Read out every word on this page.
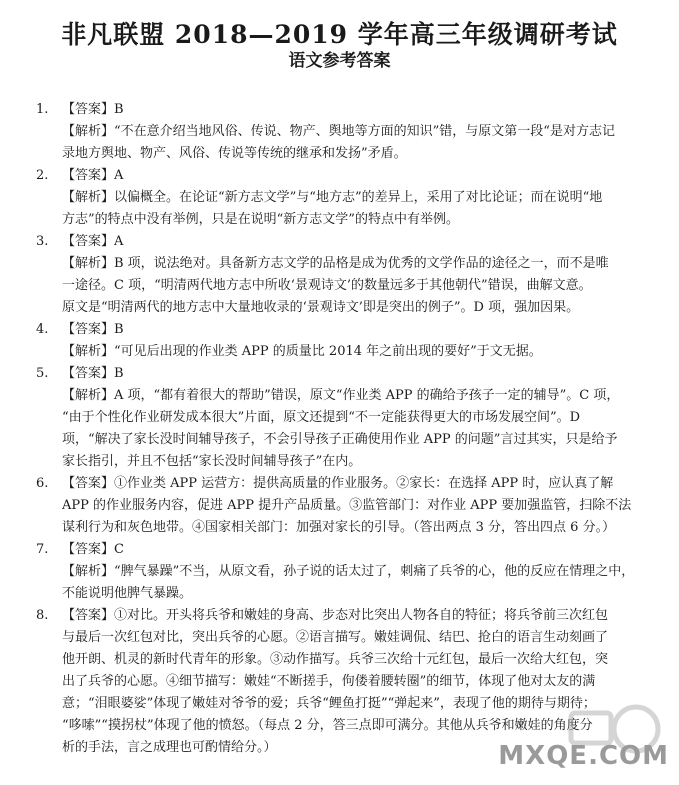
非凡联盟 2018—2019 学年高三年级调研考试
语文参考答案
1.	【答案】B
【解析】“不在意介绍当地风俗、传说、物产、舆地等方面的知识”错，与原文第一段“是对方志记
录地方舆地、物产、风俗、传说等传统的继承和发扬”矛盾。
2.	【答案】A
【解析】以偏概全。在论证“新方志文学”与“地方志”的差异上，采用了对比论证；而在说明“地
方志”的特点中没有举例，只是在说明“新方志文学”的特点中有举例。
3.	【答案】A
【解析】B 项，说法绝对。具备新方志文学的品格是成为优秀的文学作品的途径之一，而不是唯
一途径。C 项，“明清两代地方志中所收‘景观诗文’的数量远多于其他朝代”错误，曲解文意。
原文是“明清两代的地方志中大量地收录的‘景观诗文’即是突出的例子”。D 项，强加因果。
4.	【答案】B
【解析】“可见后出现的作业类 APP 的质量比 2014 年之前出现的要好”于文无据。
5.	【答案】B
【解析】A 项，“都有着很大的帮助”错误，原文“作业类 APP 的确给予孩子一定的辅导”。C 项，
“由于个性化作业研发成本很大”片面，原文还提到“不一定能获得更大的市场发展空间”。D
项，“解决了家长没时间辅导孩子，不会引导孩子正确使用作业 APP 的问题”言过其实，只是给予
家长指引，并且不包括“家长没时间辅导孩子”在内。
6.	【答案】①作业类 APP 运营方：提供高质量的作业服务。②家长：在选择 APP 时，应认真了解
APP 的作业服务内容，促进 APP 提升产品质量。③监管部门：对作业 APP 要加强监管，扫除不法
谋利行为和灰色地带。④国家相关部门：加强对家长的引导。（答出两点 3 分，答出四点 6 分。）
7.	【答案】C
【解析】“脾气暴躁”不当，从原文看，孙子说的话太过了，刺痛了兵爷的心，他的反应在情理之中，
不能说明他脾气暴躁。
8.	【答案】①对比。开头将兵爷和嫩娃的身高、步态对比突出人物各自的特征；将兵爷前三次红包
与最后一次红包对比，突出兵爷的心愿。②语言描写。嫩娃调侃、结巴、抢白的语言生动刻画了
他开朗、机灵的新时代青年的形象。③动作描写。兵爷三次给十元红包，最后一次给大红包，突
出了兵爷的心愿。④细节描写：嫩娃“不断搓手，佝偻着腰转圈”的细节，体现了他对太友的满
意；“泪眼婆娑”体现了嫩娃对爷爷的爱；兵爷“鲤鱼打挺”“弹起来”，表现了他的期待与期待；
“哆嗦”“摸拐杖”体现了他的愤怒。（每点 2 分，答三点即可满分。其他从兵爷和嫩娃的角度分
析的手法，言之成理也可酌情给分。）	MXQE.COM
